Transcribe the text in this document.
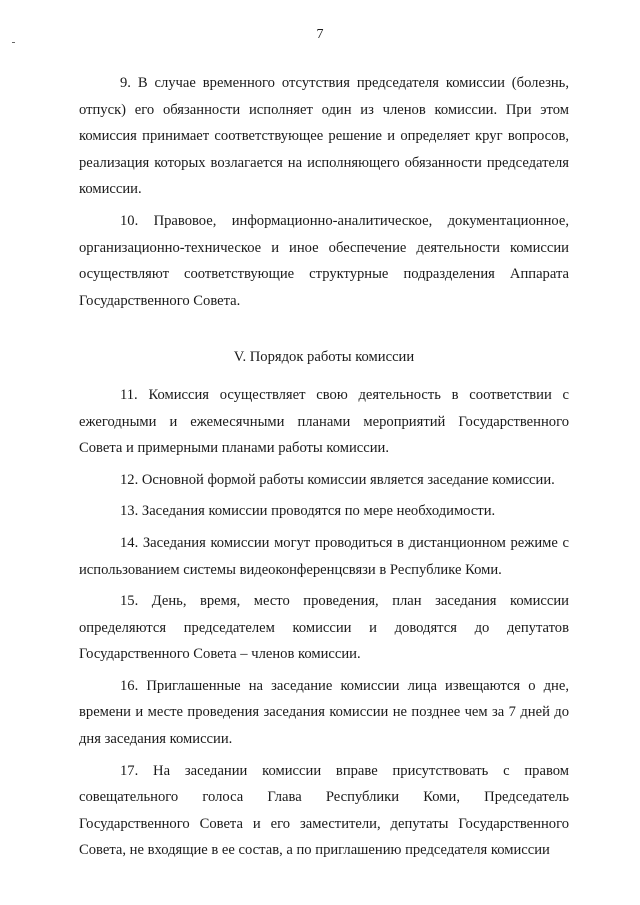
7

9. В случае временного отсутствия председателя комиссии (болезнь, отпуск) его обязанности исполняет один из членов комиссии. При этом комиссия принимает соответствующее решение и определяет круг вопросов, реализация которых возлагается на исполняющего обязанности председателя комиссии.

10. Правовое, информационно-аналитическое, документационное, организационно-техническое и иное обеспечение деятельности комиссии осуществляют соответствующие структурные подразделения Аппарата Государственного Совета.

V. Порядок работы комиссии

11. Комиссия осуществляет свою деятельность в соответствии с ежегодными и ежемесячными планами мероприятий Государственного Совета и примерными планами работы комиссии.

12. Основной формой работы комиссии является заседание комиссии.

13. Заседания комиссии проводятся по мере необходимости.

14. Заседания комиссии могут проводиться в дистанционном режиме с использованием системы видеоконференцсвязи в Республике Коми.

15. День, время, место проведения, план заседания комиссии определяются председателем комиссии и доводятся до депутатов Государственного Совета – членов комиссии.

16. Приглашенные на заседание комиссии лица извещаются о дне, времени и месте проведения заседания комиссии не позднее чем за 7 дней до дня заседания комиссии.

17. На заседании комиссии вправе присутствовать с правом совещательного голоса Глава Республики Коми, Председатель Государственного Совета и его заместители, депутаты Государственного Совета, не входящие в ее состав, а по приглашению председателя комиссии
